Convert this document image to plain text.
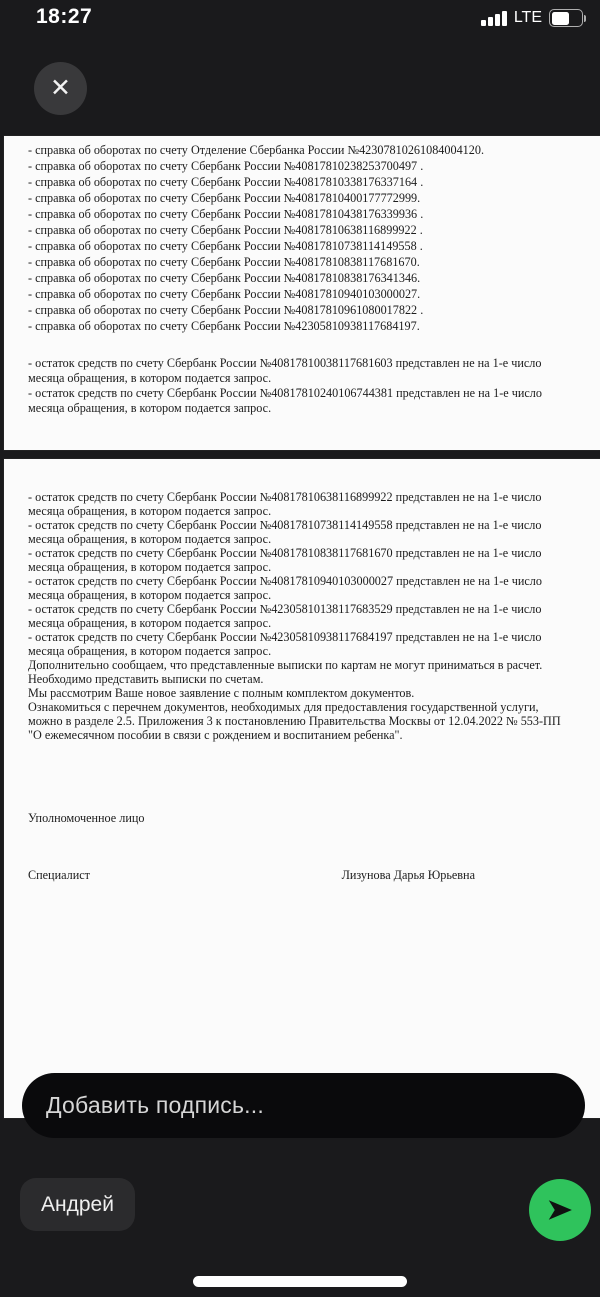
18:27	LTE
✕
- справка об оборотах по счету Отделение Сбербанка России №42307810261084004120.
- справка об оборотах по счету Сбербанк России №40817810238253700497 .
- справка об оборотах по счету Сбербанк России №40817810338176337164 .
- справка об оборотах по счету Сбербанк России №40817810400177772999.
- справка об оборотах по счету Сбербанк России №40817810438176339936 .
- справка об оборотах по счету Сбербанк России №40817810638116899922 .
- справка об оборотах по счету Сбербанк России №40817810738114149558 .
- справка об оборотах по счету Сбербанк России №40817810838117681670.
- справка об оборотах по счету Сбербанк России №40817810838176341346.
- справка об оборотах по счету Сбербанк России №40817810940103000027.
- справка об оборотах по счету Сбербанк России №40817810961080017822 .
- справка об оборотах по счету Сбербанк России №42305810938117684197.
- остаток средств по счету Сбербанк России №40817810038117681603 представлен не на 1-е число
месяца обращения, в котором подается запрос.
- остаток средств по счету Сбербанк России №40817810240106744381 представлен не на 1-е число
месяца обращения, в котором подается запрос.
- остаток средств по счету Сбербанк России №40817810638116899922 представлен не на 1-е число
месяца обращения, в котором подается запрос.
- остаток средств по счету Сбербанк России №40817810738114149558 представлен не на 1-е число
месяца обращения, в котором подается запрос.
- остаток средств по счету Сбербанк России №40817810838117681670 представлен не на 1-е число
месяца обращения, в котором подается запрос.
- остаток средств по счету Сбербанк России №40817810940103000027 представлен не на 1-е число
месяца обращения, в котором подается запрос.
- остаток средств по счету Сбербанк России №42305810138117683529 представлен не на 1-е число
месяца обращения, в котором подается запрос.
- остаток средств по счету Сбербанк России №42305810938117684197 представлен не на 1-е число
месяца обращения, в котором подается запрос.
Дополнительно сообщаем, что представленные выписки по картам не могут приниматься в расчет.
Необходимо представить выписки по счетам.
Мы рассмотрим Ваше новое заявление с полным комплектом документов.
Ознакомиться с перечнем документов, необходимых для предоставления государственной услуги,
можно в разделе 2.5. Приложения 3 к постановлению Правительства Москвы от 12.04.2022 № 553-ПП
"О ежемесячном пособии в связи с рождением и воспитанием ребенка".
Уполномоченное лицо
Специалист	Лизунова Дарья Юрьевна
Добавить подпись...
Андрей
